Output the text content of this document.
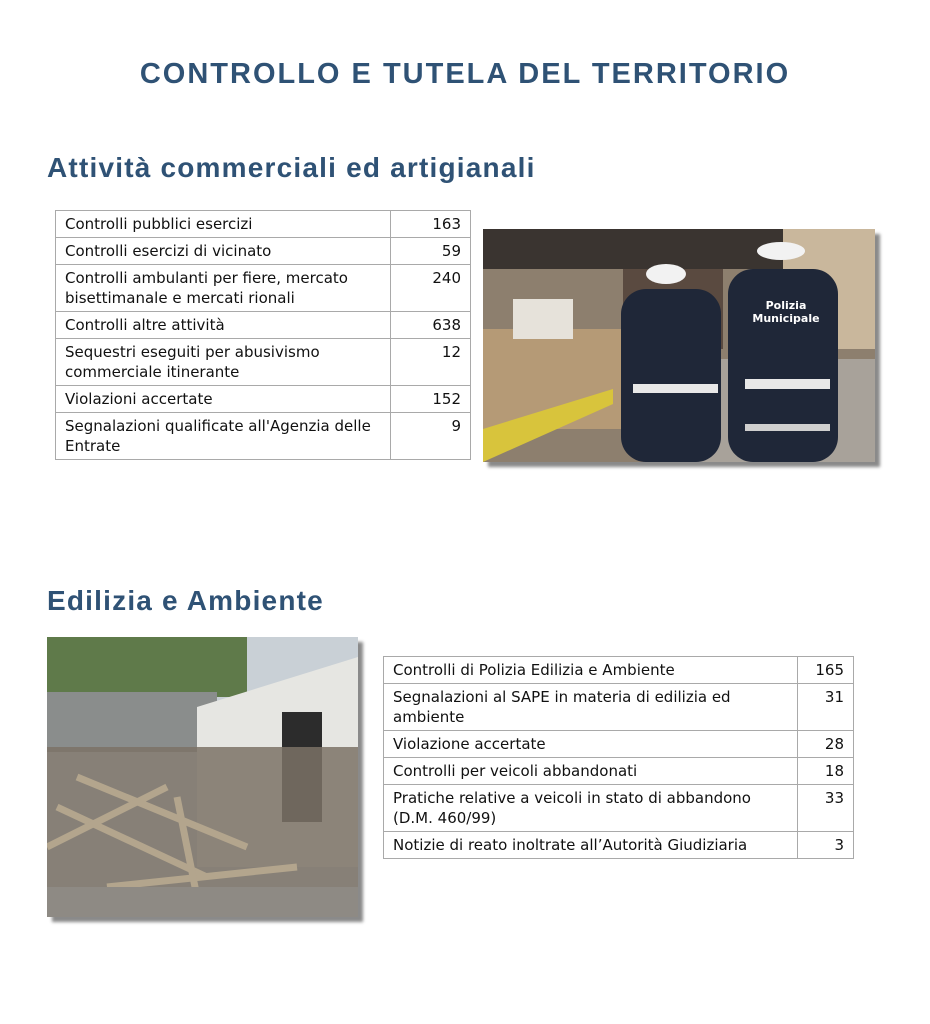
CONTROLLO E TUTELA DEL TERRITORIO
Attività commerciali ed artigianali
Controlli pubblici esercizi	163
Controlli esercizi di vicinato	59
Controlli ambulanti per fiere, mercato bisettimanale e mercati rionali	240
Controlli altre attività	638
Sequestri eseguiti per abusivismo commerciale itinerante	12
Violazioni accertate	152
Segnalazioni qualificate all'Agenzia delle Entrate	9
Polizia
Municipale
Edilizia e Ambiente
Controlli di Polizia Edilizia e Ambiente	165
Segnalazioni al SAPE in materia di edilizia ed ambiente	31
Violazione accertate	28
Controlli per veicoli abbandonati	18
Pratiche relative a veicoli in stato di abbandono (D.M. 460/99)	33
Notizie di reato inoltrate all’Autorità Giudiziaria	3
